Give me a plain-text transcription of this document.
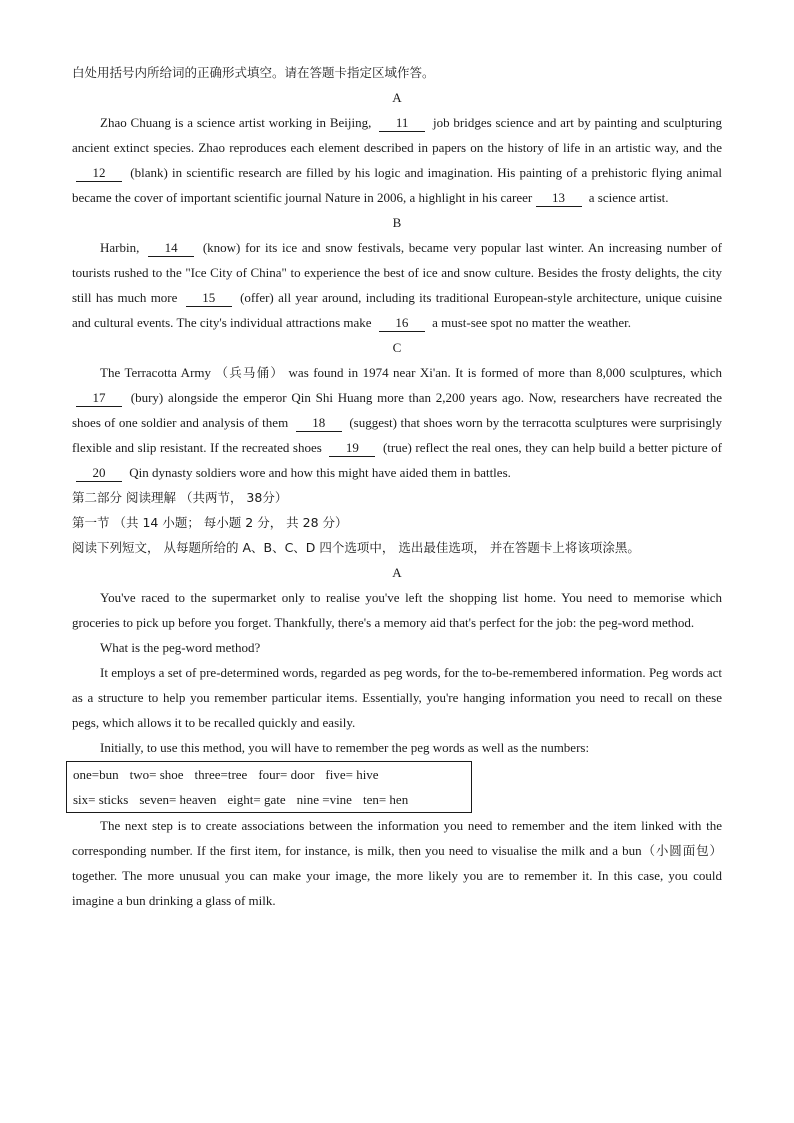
白处用括号内所给词的正确形式填空。请在答题卡指定区域作答。

A

Zhao Chuang is a science artist working in Beijing, 11 job bridges science and art by painting and sculpturing ancient extinct species. Zhao reproduces each element described in papers on the history of life in an artistic way, and the 12 (blank) in scientific research are filled by his logic and imagination. His painting of a prehistoric flying animal became the cover of important scientific journal Nature in 2006, a highlight in his career 13 a science artist.

B

Harbin, 14 (know) for its ice and snow festivals, became very popular last winter. An increasing number of tourists rushed to the "Ice City of China" to experience the best of ice and snow culture. Besides the frosty delights, the city still has much more 15 (offer) all year around, including its traditional European-style architecture, unique cuisine and cultural events. The city's individual attractions make 16 a must-see spot no matter the weather.

C

The Terracotta Army （兵马俑） was found in 1974 near Xi'an. It is formed of more than 8,000 sculptures, which 17 (bury) alongside the emperor Qin Shi Huang more than 2,200 years ago. Now, researchers have recreated the shoes of one soldier and analysis of them 18 (suggest) that shoes worn by the terracotta sculptures were surprisingly flexible and slip resistant. If the recreated shoes 19 (true) reflect the real ones, they can help build a better picture of 20 Qin dynasty soldiers wore and how this might have aided them in battles.

第二部分 阅读理解 （共两节， 38分）

第一节 （共 14 小题； 每小题 2 分， 共 28 分）

阅读下列短文， 从每题所给的 A、B、C、D 四个选项中， 选出最佳选项， 并在答题卡上将该项涂黑。

A

You've raced to the supermarket only to realise you've left the shopping list home. You need to memorise which groceries to pick up before you forget. Thankfully, there's a memory aid that's perfect for the job: the peg-word method.

What is the peg-word method?

It employs a set of pre-determined words, regarded as peg words, for the to-be-remembered information. Peg words act as a structure to help you remember particular items. Essentially, you're hanging information you need to recall on these pegs, which allows it to be recalled quickly and easily.

Initially, to use this method, you will have to remember the peg words as well as the numbers:

one=bun two= shoe three=tree four= door five= hive
six= sticks seven= heaven eight= gate nine =vine ten= hen

The next step is to create associations between the information you need to remember and the item linked with the corresponding number. If the first item, for instance, is milk, then you need to visualise the milk and a bun（小圆面包） together. The more unusual you can make your image, the more likely you are to remember it. In this case, you could imagine a bun drinking a glass of milk.
